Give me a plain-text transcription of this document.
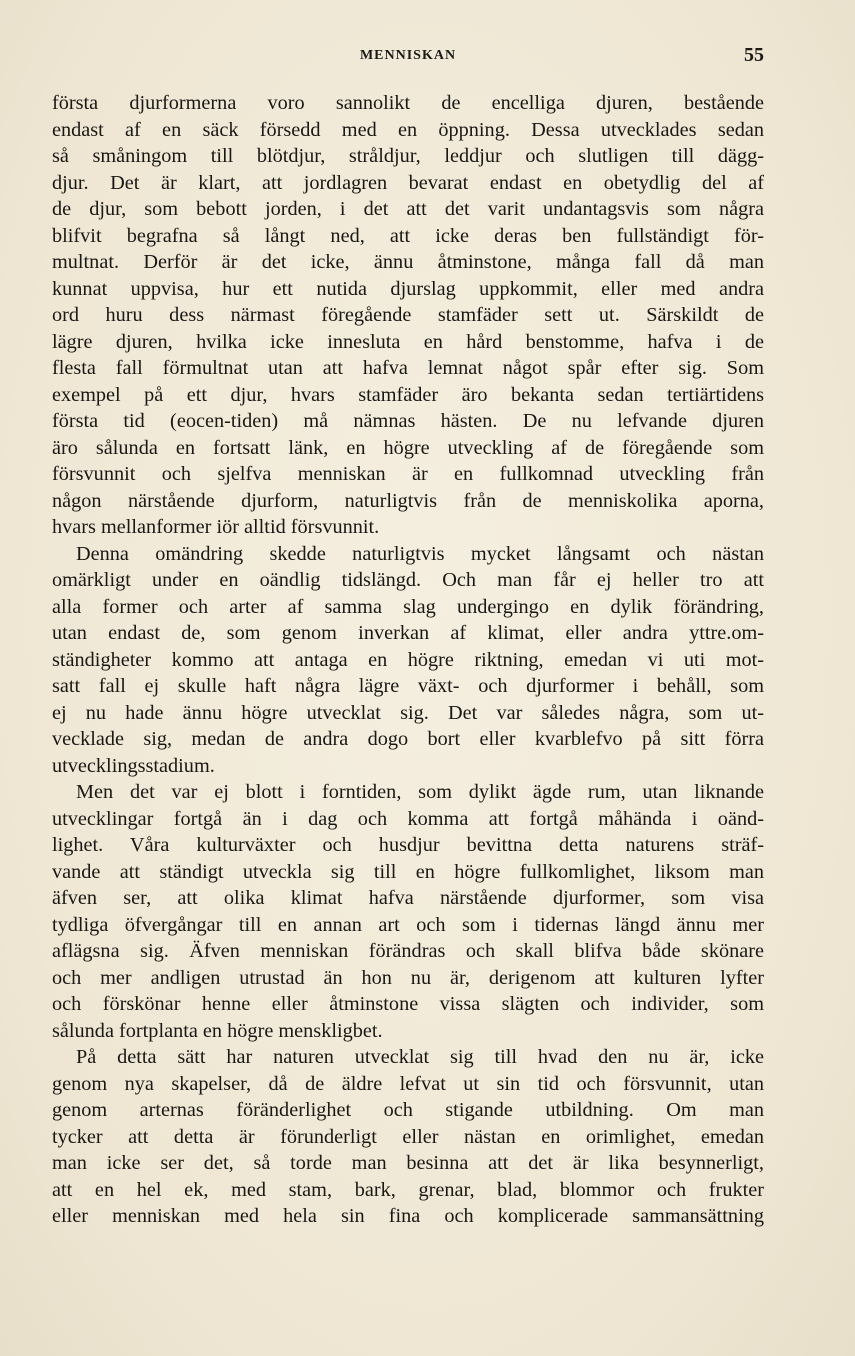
MENNISKAN	55
första djurformerna voro sannolikt de encelliga djuren, bestående
endast af en säck försedd med en öppning. Dessa utvecklades sedan
så småningom till blötdjur, stråldjur, leddjur och slutligen till dägg-
djur. Det är klart, att jordlagren bevarat endast en obetydlig del af
de djur, som bebott jorden, i det att det varit undantagsvis som några
blifvit begrafna så långt ned, att icke deras ben fullständigt för-
multnat. Derför är det icke, ännu åtminstone, många fall då man
kunnat uppvisa, hur ett nutida djurslag uppkommit, eller med andra
ord huru dess närmast föregående stamfäder sett ut. Särskildt de
lägre djuren, hvilka icke innesluta en hård benstomme, hafva i de
flesta fall förmultnat utan att hafva lemnat något spår efter sig. Som
exempel på ett djur, hvars stamfäder äro bekanta sedan tertiärtidens
första tid (eocen-tiden) må nämnas hästen. De nu lefvande djuren
äro sålunda en fortsatt länk, en högre utveckling af de föregående som
försvunnit och sjelfva menniskan är en fullkomnad utveckling från
någon närstående djurform, naturligtvis från de menniskolika aporna,
hvars mellanformer iör alltid försvunnit.
Denna omändring skedde naturligtvis mycket långsamt och nästan
omärkligt under en oändlig tidslängd. Och man får ej heller tro att
alla former och arter af samma slag undergingo en dylik förändring,
utan endast de, som genom inverkan af klimat, eller andra yttre.om-
ständigheter kommo att antaga en högre riktning, emedan vi uti mot-
satt fall ej skulle haft några lägre växt- och djurformer i behåll, som
ej nu hade ännu högre utvecklat sig. Det var således några, som ut-
vecklade sig, medan de andra dogo bort eller kvarblefvo på sitt förra
utvecklingsstadium.
Men det var ej blott i forntiden, som dylikt ägde rum, utan liknande
utvecklingar fortgå än i dag och komma att fortgå måhända i oänd-
lighet. Våra kulturväxter och husdjur bevittna detta naturens sträf-
vande att ständigt utveckla sig till en högre fullkomlighet, liksom man
äfven ser, att olika klimat hafva närstående djurformer, som visa
tydliga öfvergångar till en annan art och som i tidernas längd ännu mer
aflägsna sig. Äfven menniskan förändras och skall blifva både skönare
och mer andligen utrustad än hon nu är, derigenom att kulturen lyfter
och förskönar henne eller åtminstone vissa slägten och individer, som
sålunda fortplanta en högre menskligbet.
På detta sätt har naturen utvecklat sig till hvad den nu är, icke
genom nya skapelser, då de äldre lefvat ut sin tid och försvunnit, utan
genom arternas föränderlighet och stigande utbildning. Om man
tycker att detta är förunderligt eller nästan en orimlighet, emedan
man icke ser det, så torde man besinna att det är lika besynnerligt,
att en hel ek, med stam, bark, grenar, blad, blommor och frukter
eller menniskan med hela sin fina och komplicerade sammansättning
